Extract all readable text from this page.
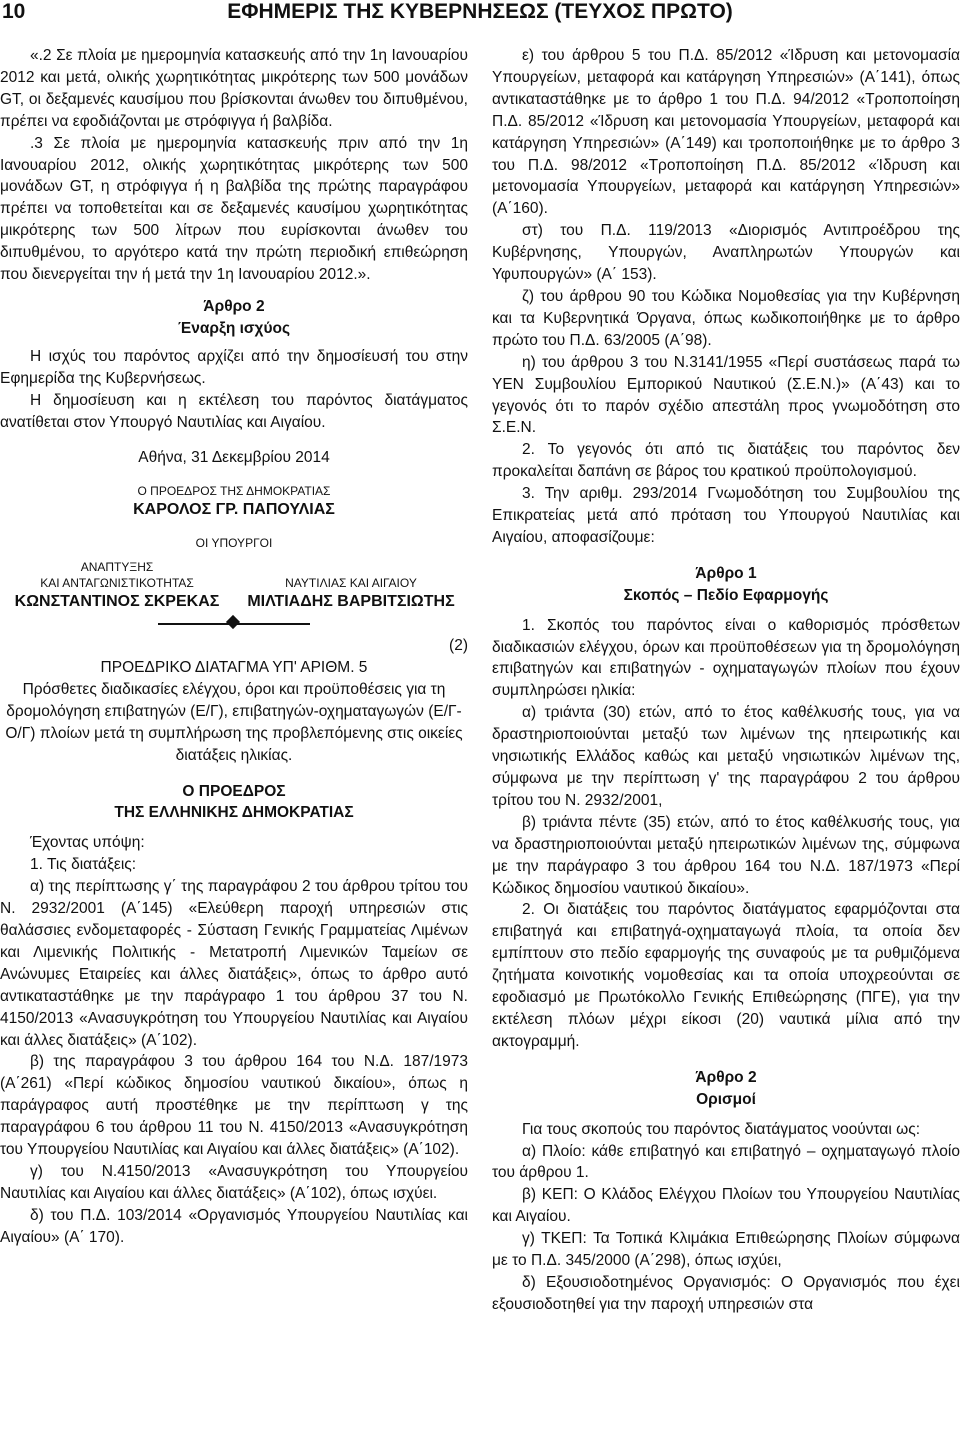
10	ΕΦΗΜΕΡΙΣ ΤΗΣ ΚΥΒΕΡΝΗΣΕΩΣ (ΤΕΥΧΟΣ ΠΡΩΤΟ)

«.2 Σε πλοία με ημερομηνία κατασκευής από την 1η Ιανουαρίου 2012 και μετά, ολικής χωρητικότητας μικρότερης των 500 μονάδων GT, οι δεξαμενές καυσίμου που βρίσκονται άνωθεν του διπυθμένου, πρέπει να εφοδιάζονται με στρόφιγγα ή βαλβίδα.

.3 Σε πλοία με ημερομηνία κατασκευής πριν από την 1η Ιανουαρίου 2012, ολικής χωρητικότητας μικρότερης των 500 μονάδων GT, η στρόφιγγα ή η βαλβίδα της πρώτης παραγράφου πρέπει να τοποθετείται και σε δεξαμενές καυσίμου χωρητικότητας μικρότερης των 500 λίτρων που ευρίσκονται άνωθεν του διπυθμένου, το αργότερο κατά την πρώτη περιοδική επιθεώρηση που διενεργείται την ή μετά την 1η Ιανουαρίου 2012.».

Άρθρο 2

Έναρξη ισχύος

Η ισχύς του παρόντος αρχίζει από την δημοσίευσή του στην Εφημερίδα της Κυβερνήσεως.

Η δημοσίευση και η εκτέλεση του παρόντος διατάγματος ανατίθεται στον Υπουργό Ναυτιλίας και Αιγαίου.

Αθήνα, 31 Δεκεμβρίου 2014

Ο ΠΡΟΕΔΡΟΣ ΤΗΣ ΔΗΜΟΚΡΑΤΙΑΣ

ΚΑΡΟΛΟΣ ΓΡ. ΠΑΠΟΥΛΙΑΣ

ΟΙ ΥΠΟΥΡΓΟΙ

ΑΝΑΠΤΥΞΗΣ

ΚΑΙ ΑΝΤΑΓΩΝΙΣΤΙΚΟΤΗΤΑΣ

ΚΩΝΣΤΑΝΤΙΝΟΣ ΣΚΡΕΚΑΣ

ΝΑΥΤΙΛΙΑΣ ΚΑΙ ΑΙΓΑΙΟΥ

ΜΙΛΤΙΑΔΗΣ ΒΑΡΒΙΤΣΙΩΤΗΣ

(2)

ΠΡΟΕΔΡΙΚΟ ΔΙΑΤΑΓΜΑ ΥΠ' ΑΡΙΘΜ. 5

Πρόσθετες διαδικασίες ελέγχου, όροι και προϋποθέσεις για τη δρομολόγηση επιβατηγών (Ε/Γ), επιβατηγών-οχηματαγωγών (Ε/Γ-Ο/Γ) πλοίων μετά τη συμπλήρωση της προβλεπόμενης στις οικείες διατάξεις ηλικίας.

Ο ΠΡΟΕΔΡΟΣ

ΤΗΣ ΕΛΛΗΝΙΚΗΣ ΔΗΜΟΚΡΑΤΙΑΣ

Έχοντας υπόψη:

1. Τις διατάξεις:

α) της περίπτωσης γ΄ της παραγράφου 2 του άρθρου τρίτου του Ν. 2932/2001 (Α΄145) «Ελεύθερη παροχή υπηρεσιών στις θαλάσσιες ενδομεταφορές - Σύσταση Γενικής Γραμματείας Λιμένων και Λιμενικής Πολιτικής - Μετατροπή Λιμενικών Ταμείων σε Ανώνυμες Εταιρείες και άλλες διατάξεις», όπως το άρθρο αυτό αντικαταστάθηκε με την παράγραφο 1 του άρθρου 37 του Ν. 4150/2013 «Ανασυγκρότηση του Υπουργείου Ναυτιλίας και Αιγαίου και άλλες διατάξεις» (Α΄102).

β) της παραγράφου 3 του άρθρου 164 του Ν.Δ. 187/1973 (Α΄261) «Περί κώδικος δημοσίου ναυτικού δικαίου», όπως η παράγραφος αυτή προστέθηκε με την περίπτωση γ της παραγράφου 6 του άρθρου 11 του Ν. 4150/2013 «Ανασυγκρότηση του Υπουργείου Ναυτιλίας και Αιγαίου και άλλες διατάξεις» (Α΄102).

γ) του Ν.4150/2013 «Ανασυγκρότηση του Υπουργείου Ναυτιλίας και Αιγαίου και άλλες διατάξεις» (Α΄102), όπως ισχύει.

δ) του Π.Δ. 103/2014 «Οργανισμός Υπουργείου Ναυτιλίας και Αιγαίου» (Α΄ 170).

ε) του άρθρου 5 του Π.Δ. 85/2012 «Ίδρυση και μετονομασία Υπουργείων, μεταφορά και κατάργηση Υπηρεσιών» (Α΄141), όπως αντικαταστάθηκε με το άρθρο 1 του Π.Δ. 94/2012 «Τροποποίηση Π.Δ. 85/2012 «Ίδρυση και μετονομασία Υπουργείων, μεταφορά και κατάργηση Υπηρεσιών» (Α΄149) και τροποποιήθηκε με το άρθρο 3 του Π.Δ. 98/2012 «Τροποποίηση Π.Δ. 85/2012 «Ίδρυση και μετονομασία Υπουργείων, μεταφορά και κατάργηση Υπηρεσιών» (Α΄160).

στ) του Π.Δ. 119/2013 «Διορισμός Αντιπροέδρου της Κυβέρνησης, Υπουργών, Αναπληρωτών Υπουργών και Υφυπουργών» (Α΄ 153).

ζ) του άρθρου 90 του Κώδικα Νομοθεσίας για την Κυβέρνηση και τα Κυβερνητικά Όργανα, όπως κωδικοποιήθηκε με το άρθρο πρώτο του Π.Δ. 63/2005 (Α΄98).

η) του άρθρου 3 του Ν.3141/1955 «Περί συστάσεως παρά τω ΥΕΝ Συμβουλίου Εμπορικού Ναυτικού (Σ.Ε.Ν.)» (Α΄43) και το γεγονός ότι το παρόν σχέδιο απεστάλη προς γνωμοδότηση στο Σ.Ε.Ν.

2. Το γεγονός ότι από τις διατάξεις του παρόντος δεν προκαλείται δαπάνη σε βάρος του κρατικού προϋπολογισμού.

3. Την αριθμ. 293/2014 Γνωμοδότηση του Συμβουλίου της Επικρατείας μετά από πρόταση του Υπουργού Ναυτιλίας και Αιγαίου, αποφασίζουμε:

Άρθρο 1

Σκοπός – Πεδίο Εφαρμογής

1. Σκοπός του παρόντος είναι ο καθορισμός πρόσθετων διαδικασιών ελέγχου, όρων και προϋποθέσεων για τη δρομολόγηση επιβατηγών και επιβατηγών - οχηματαγωγών πλοίων που έχουν συμπληρώσει ηλικία:

α) τριάντα (30) ετών, από το έτος καθέλκυσής τους, για να δραστηριοποιούνται μεταξύ των λιμένων της ηπειρωτικής και νησιωτικής Ελλάδος καθώς και μεταξύ νησιωτικών λιμένων της, σύμφωνα με την περίπτωση γ' της παραγράφου 2 του άρθρου τρίτου του Ν. 2932/2001,

β) τριάντα πέντε (35) ετών, από το έτος καθέλκυσής τους, για να δραστηριοποιούνται μεταξύ ηπειρωτικών λιμένων της, σύμφωνα με την παράγραφο 3 του άρθρου 164 του Ν.Δ. 187/1973 «Περί Κώδικος δημοσίου ναυτικού δικαίου».

2. Οι διατάξεις του παρόντος διατάγματος εφαρμόζονται στα επιβατηγά και επιβατηγά-οχηματαγωγά πλοία, τα οποία δεν εμπίπτουν στο πεδίο εφαρμογής της συναφούς με τα ρυθμιζόμενα ζητήματα κοινοτικής νομοθεσίας και τα οποία υποχρεούνται σε εφοδιασμό με Πρωτόκολλο Γενικής Επιθεώρησης (ΠΓΕ), για την εκτέλεση πλόων μέχρι είκοσι (20) ναυτικά μίλια από την ακτογραμμή.

Άρθρο 2

Ορισμοί

Για τους σκοπούς του παρόντος διατάγματος νοούνται ως:

α) Πλοίο: κάθε επιβατηγό και επιβατηγό – οχηματαγωγό πλοίο του άρθρου 1.

β) ΚΕΠ: Ο Κλάδος Ελέγχου Πλοίων του Υπουργείου Ναυτιλίας και Αιγαίου.

γ) ΤΚΕΠ: Τα Τοπικά Κλιμάκια Επιθεώρησης Πλοίων σύμφωνα με το Π.Δ. 345/2000 (Α΄298), όπως ισχύει,

δ) Εξουσιοδοτημένος Οργανισμός: Ο Οργανισμός που έχει εξουσιοδοτηθεί για την παροχή υπηρεσιών στα
